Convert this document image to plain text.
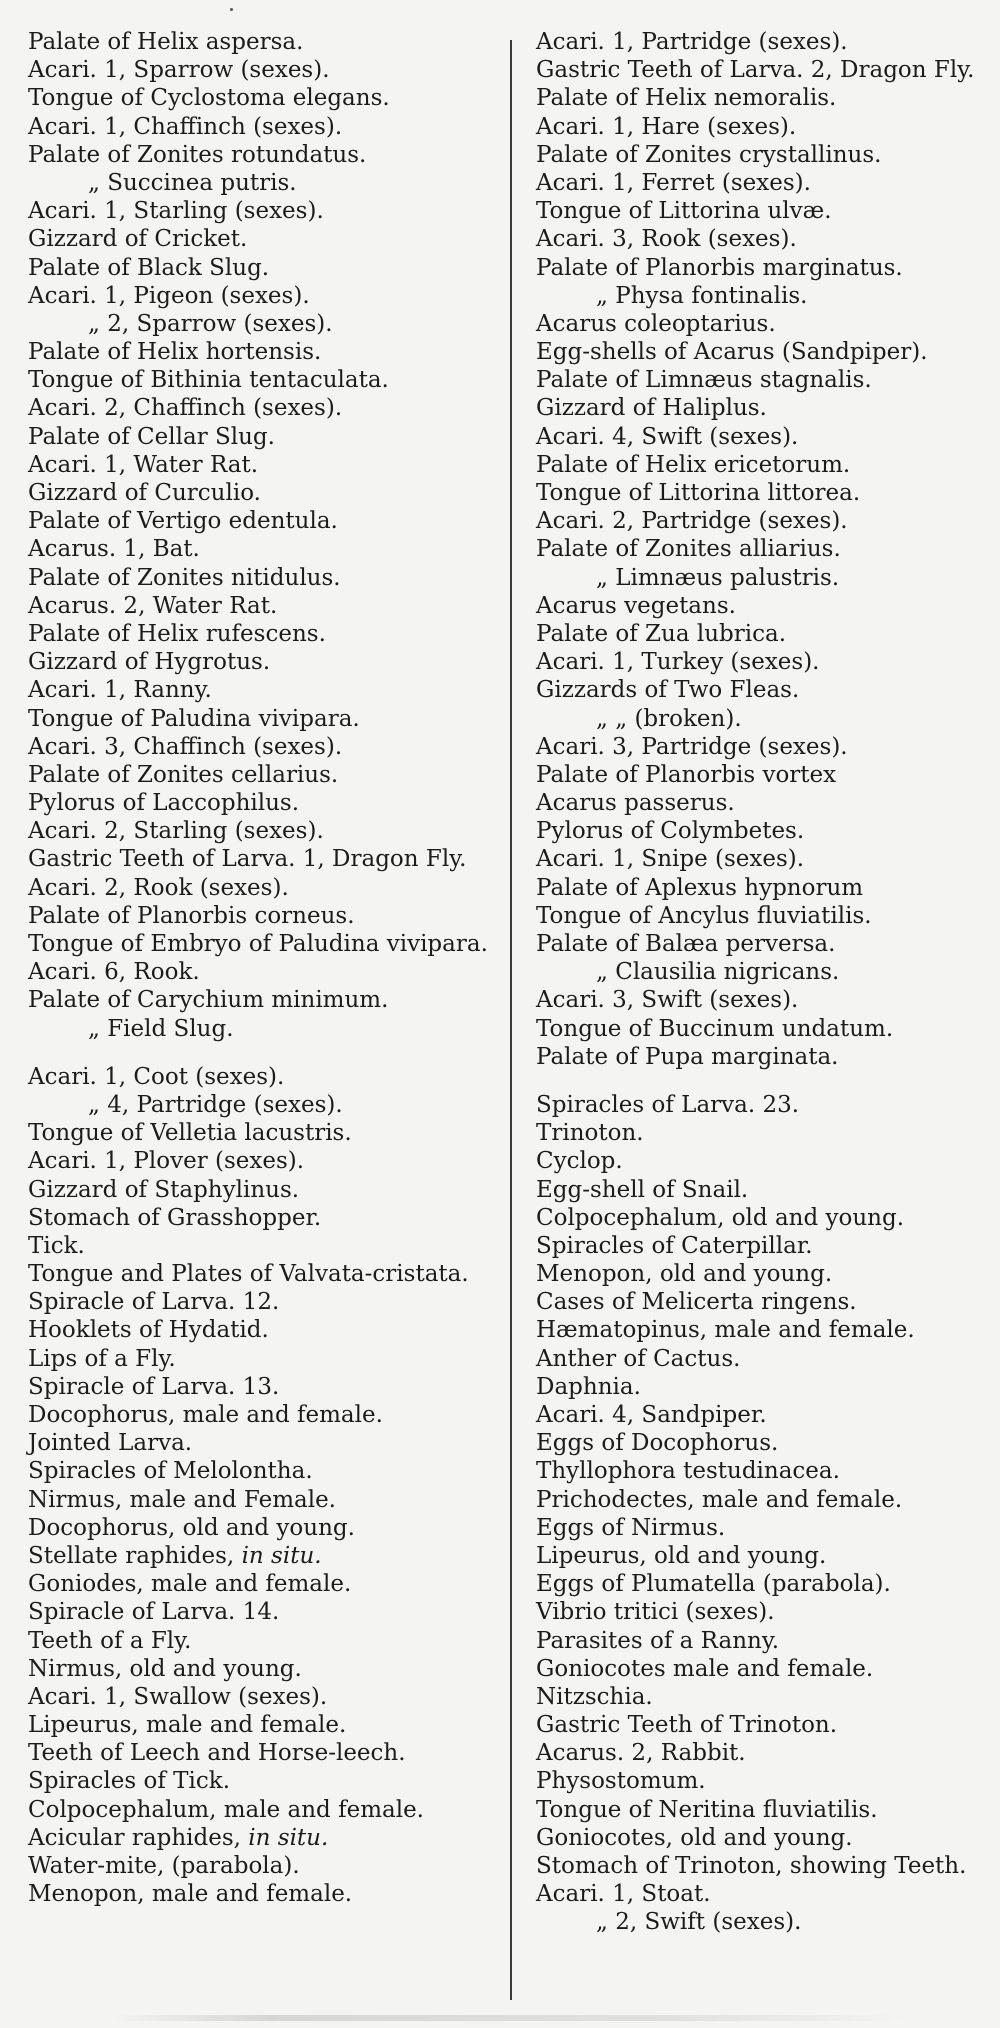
Palate of Helix aspersa.
Acari. 1, Sparrow (sexes).
Tongue of Cyclostoma elegans.
Acari. 1, Chaffinch (sexes).
Palate of Zonites rotundatus.
„ Succinea putris.
Acari. 1, Starling (sexes).
Gizzard of Cricket.
Palate of Black Slug.
Acari. 1, Pigeon (sexes).
„ 2, Sparrow (sexes).
Palate of Helix hortensis.
Tongue of Bithinia tentaculata.
Acari. 2, Chaffinch (sexes).
Palate of Cellar Slug.
Acari. 1, Water Rat.
Gizzard of Curculio.
Palate of Vertigo edentula.
Acarus. 1, Bat.
Palate of Zonites nitidulus.
Acarus. 2, Water Rat.
Palate of Helix rufescens.
Gizzard of Hygrotus.
Acari. 1, Ranny.
Tongue of Paludina vivipara.
Acari. 3, Chaffinch (sexes).
Palate of Zonites cellarius.
Pylorus of Laccophilus.
Acari. 2, Starling (sexes).
Gastric Teeth of Larva. 1, Dragon Fly.
Acari. 2, Rook (sexes).
Palate of Planorbis corneus.
Tongue of Embryo of Paludina vivipara.
Acari. 6, Rook.
Palate of Carychium minimum.
„ Field Slug.
Acari. 1, Coot (sexes).
„ 4, Partridge (sexes).
Tongue of Velletia lacustris.
Acari. 1, Plover (sexes).
Gizzard of Staphylinus.
Stomach of Grasshopper.
Tick.
Tongue and Plates of Valvata-cristata.
Spiracle of Larva. 12.
Hooklets of Hydatid.
Lips of a Fly.
Spiracle of Larva. 13.
Docophorus, male and female.
Jointed Larva.
Spiracles of Melolontha.
Nirmus, male and Female.
Docophorus, old and young.
Stellate raphides, in situ.
Goniodes, male and female.
Spiracle of Larva. 14.
Teeth of a Fly.
Nirmus, old and young.
Acari. 1, Swallow (sexes).
Lipeurus, male and female.
Teeth of Leech and Horse-leech.
Spiracles of Tick.
Colpocephalum, male and female.
Acicular raphides, in situ.
Water-mite, (parabola).
Menopon, male and female.
Acari. 1, Partridge (sexes).
Gastric Teeth of Larva. 2, Dragon Fly.
Palate of Helix nemoralis.
Acari. 1, Hare (sexes).
Palate of Zonites crystallinus.
Acari. 1, Ferret (sexes).
Tongue of Littorina ulvæ.
Acari. 3, Rook (sexes).
Palate of Planorbis marginatus.
„ Physa fontinalis.
Acarus coleoptarius.
Egg-shells of Acarus (Sandpiper).
Palate of Limnæus stagnalis.
Gizzard of Haliplus.
Acari. 4, Swift (sexes).
Palate of Helix ericetorum.
Tongue of Littorina littorea.
Acari. 2, Partridge (sexes).
Palate of Zonites alliarius.
„ Limnæus palustris.
Acarus vegetans.
Palate of Zua lubrica.
Acari. 1, Turkey (sexes).
Gizzards of Two Fleas.
„ „ (broken).
Acari. 3, Partridge (sexes).
Palate of Planorbis vortex
Acarus passerus.
Pylorus of Colymbetes.
Acari. 1, Snipe (sexes).
Palate of Aplexus hypnorum
Tongue of Ancylus fluviatilis.
Palate of Balæa perversa.
„ Clausilia nigricans.
Acari. 3, Swift (sexes).
Tongue of Buccinum undatum.
Palate of Pupa marginata.
Spiracles of Larva. 23.
Trinoton.
Cyclop.
Egg-shell of Snail.
Colpocephalum, old and young.
Spiracles of Caterpillar.
Menopon, old and young.
Cases of Melicerta ringens.
Hæmatopinus, male and female.
Anther of Cactus.
Daphnia.
Acari. 4, Sandpiper.
Eggs of Docophorus.
Thyllophora testudinacea.
Prichodectes, male and female.
Eggs of Nirmus.
Lipeurus, old and young.
Eggs of Plumatella (parabola).
Vibrio tritici (sexes).
Parasites of a Ranny.
Goniocotes male and female.
Nitzschia.
Gastric Teeth of Trinoton.
Acarus. 2, Rabbit.
Physostomum.
Tongue of Neritina fluviatilis.
Goniocotes, old and young.
Stomach of Trinoton, showing Teeth.
Acari. 1, Stoat.
„ 2, Swift (sexes).
